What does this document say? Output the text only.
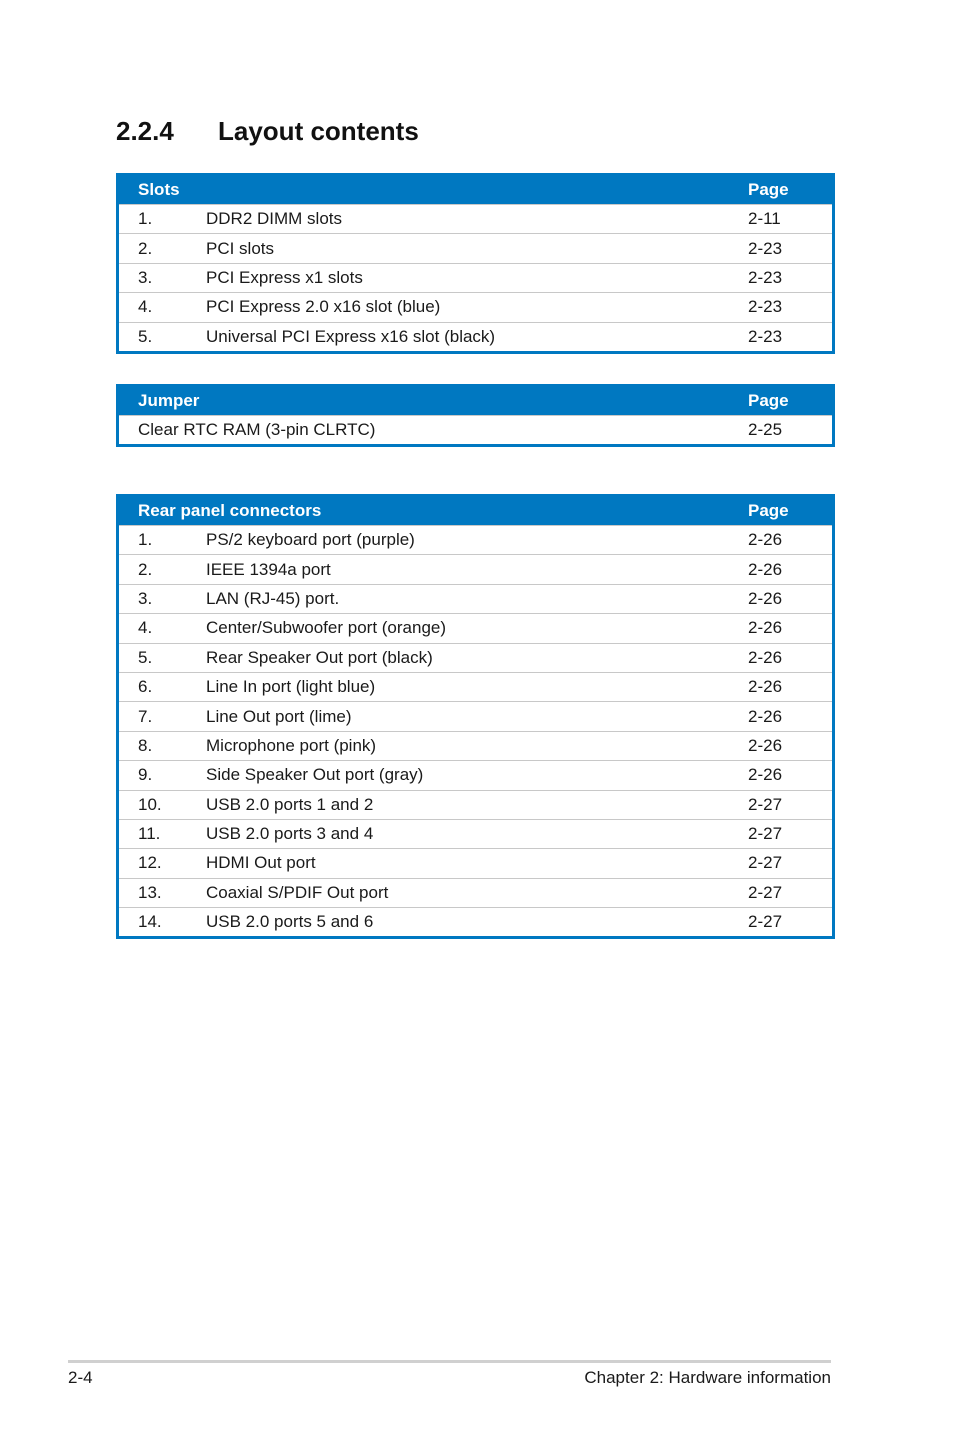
2.2.4 Layout contents
Slots	Page
1.	DDR2 DIMM slots	2-11
2.	PCI slots	2-23
3.	PCI Express x1 slots	2-23
4.	PCI Express 2.0 x16 slot (blue)	2-23
5.	Universal PCI Express x16 slot (black)	2-23
Jumper	Page
Clear RTC RAM (3-pin CLRTC)	2-25
Rear panel connectors	Page
1.	PS/2 keyboard port (purple)	2-26
2.	IEEE 1394a port	2-26
3.	LAN (RJ-45) port.	2-26
4.	Center/Subwoofer port (orange)	2-26
5.	Rear Speaker Out port (black)	2-26
6.	Line In port (light blue)	2-26
7.	Line Out port (lime)	2-26
8.	Microphone port (pink)	2-26
9.	Side Speaker Out port (gray)	2-26
10.	USB 2.0 ports 1 and 2	2-27
11.	USB 2.0 ports 3 and 4	2-27
12.	HDMI Out port	2-27
13.	Coaxial S/PDIF Out port	2-27
14.	USB 2.0 ports 5 and 6	2-27
2-4	Chapter 2: Hardware information
